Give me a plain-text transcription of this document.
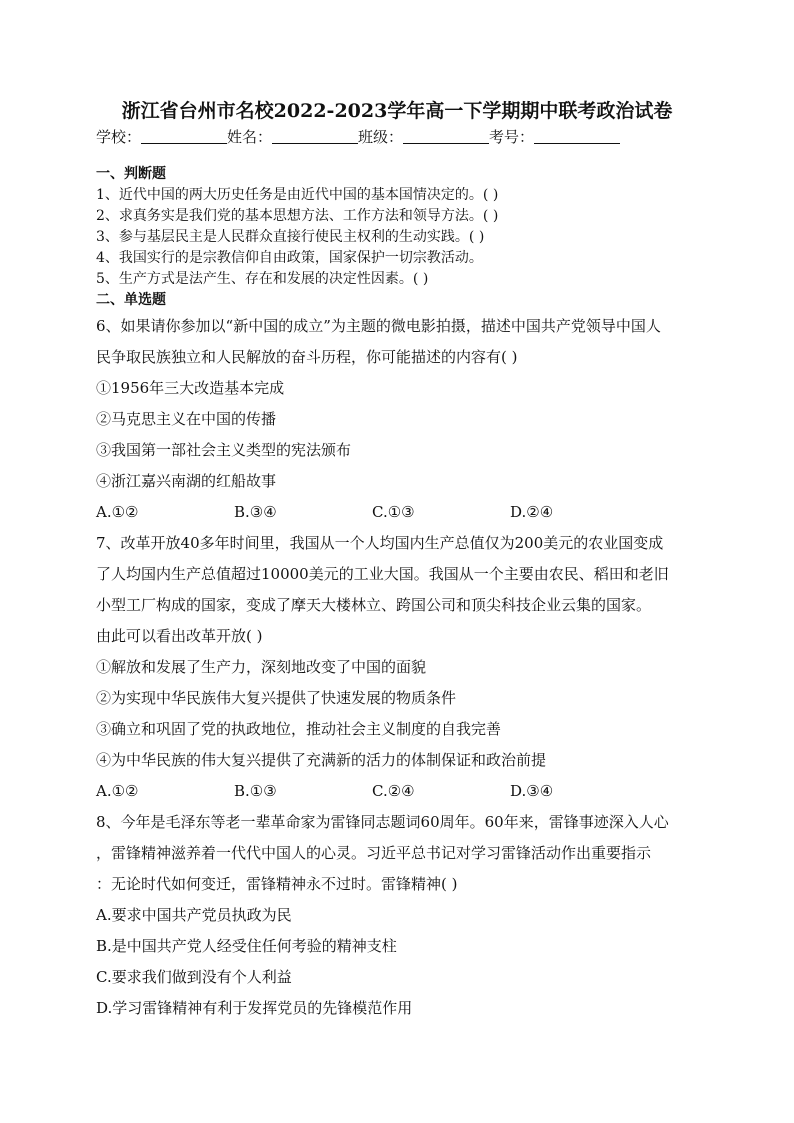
浙江省台州市名校2022-2023学年高一下学期期中联考政治试卷
学校：	姓名：	班级：	考号：
一、判断题
1、近代中国的两大历史任务是由近代中国的基本国情决定的。( )
2、求真务实是我们党的基本思想方法、工作方法和领导方法。( )
3、参与基层民主是人民群众直接行使民主权利的生动实践。( )
4、我国实行的是宗教信仰自由政策，国家保护一切宗教活动。
5、生产方式是法产生、存在和发展的决定性因素。( )
二、单选题
6、如果请你参加以“新中国的成立”为主题的微电影拍摄，描述中国共产党领导中国人
民争取民族独立和人民解放的奋斗历程，你可能描述的内容有( )
①1956年三大改造基本完成
②马克思主义在中国的传播
③我国第一部社会主义类型的宪法颁布
④浙江嘉兴南湖的红船故事
A.①②	B.③④	C.①③	D.②④
7、改革开放40多年时间里，我国从一个人均国内生产总值仅为200美元的农业国变成
了人均国内生产总值超过10000美元的工业大国。我国从一个主要由农民、稻田和老旧
小型工厂构成的国家，变成了摩天大楼林立、跨国公司和顶尖科技企业云集的国家。
由此可以看出改革开放( )
①解放和发展了生产力，深刻地改变了中国的面貌
②为实现中华民族伟大复兴提供了快速发展的物质条件
③确立和巩固了党的执政地位，推动社会主义制度的自我完善
④为中华民族的伟大复兴提供了充满新的活力的体制保证和政治前提
A.①②	B.①③	C.②④	D.③④
8、今年是毛泽东等老一辈革命家为雷锋同志题词60周年。60年来，雷锋事迹深入人心
，雷锋精神滋养着一代代中国人的心灵。习近平总书记对学习雷锋活动作出重要指示
：无论时代如何变迁，雷锋精神永不过时。雷锋精神( )
A.要求中国共产党员执政为民
B.是中国共产党人经受住任何考验的精神支柱
C.要求我们做到没有个人利益
D.学习雷锋精神有利于发挥党员的先锋模范作用
